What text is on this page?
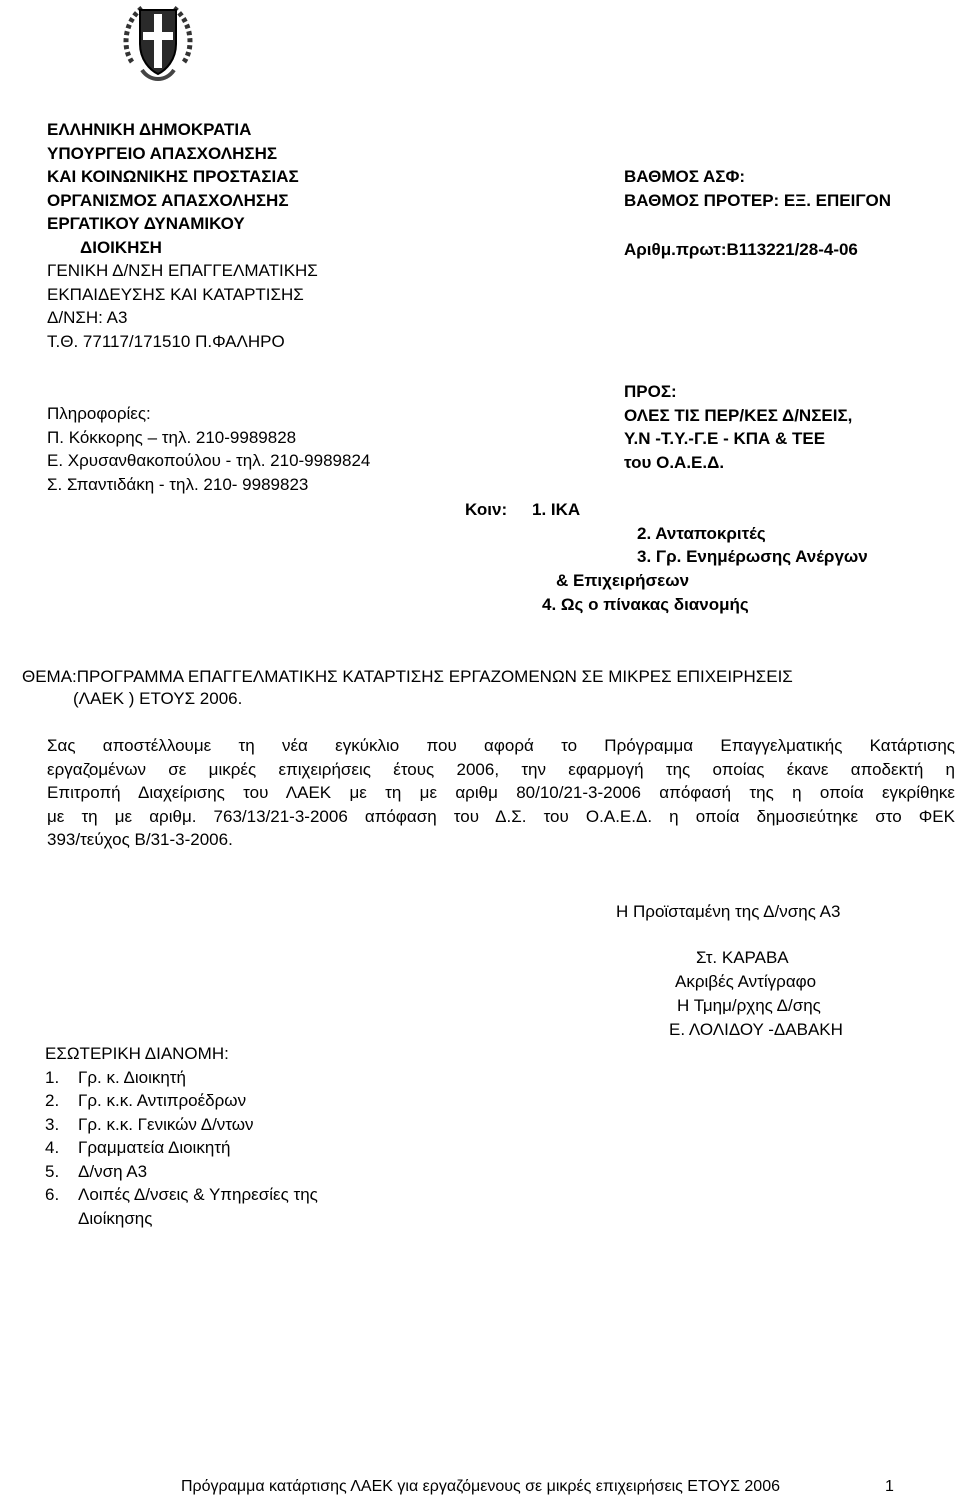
ΕΛΛΗΝΙΚΗ ΔΗΜΟΚΡΑΤΙΑ
ΥΠΟΥΡΓΕΙΟ ΑΠΑΣΧΟΛΗΣΗΣ
ΚΑΙ ΚΟΙΝΩΝΙΚΗΣ ΠΡΟΣΤΑΣΙΑΣ
ΟΡΓΑΝΙΣΜΟΣ ΑΠΑΣΧΟΛΗΣΗΣ
ΕΡΓΑΤΙΚΟΥ ΔΥΝΑΜΙΚΟΥ
ΔΙΟΙΚΗΣΗ
ΓΕΝΙΚΗ Δ/ΝΣΗ ΕΠΑΓΓΕΛΜΑΤΙΚΗΣ
ΕΚΠΑΙΔΕΥΣΗΣ ΚΑΙ ΚΑΤΑΡΤΙΣΗΣ
Δ/ΝΣΗ: Α3
Τ.Θ. 77117/171510 Π.ΦΑΛΗΡΟ
ΒΑΘΜΟΣ ΑΣΦ:
ΒΑΘΜΟΣ ΠΡΟΤΕΡ: ΕΞ. ΕΠΕΙΓΟΝ
Αριθμ.πρωτ:Β113221/28-4-06
Πληροφορίες:
Π. Κόκκορης – τηλ. 210-9989828
Ε. Χρυσανθακοπούλου - τηλ. 210-9989824
Σ. Σπαντιδάκη - τηλ. 210- 9989823
ΠΡΟΣ:
ΟΛΕΣ ΤΙΣ ΠΕΡ/ΚΕΣ Δ/ΝΣΕΙΣ,
Υ.Ν -Τ.Υ.-Γ.Ε - ΚΠΑ & ΤΕΕ
του Ο.Α.Ε.Δ.
Κοιν: 1. ΙΚΑ
2. Ανταποκριτές
3. Γρ. Ενημέρωσης Ανέργων
& Επιχειρήσεων
4. Ως ο πίνακας διανομής
ΘΕΜΑ:ΠΡΟΓΡΑΜΜΑ ΕΠΑΓΓΕΛΜΑΤΙΚΗΣ ΚΑΤΑΡΤΙΣΗΣ ΕΡΓΑΖΟΜΕΝΩΝ ΣΕ ΜΙΚΡΕΣ ΕΠΙΧΕΙΡΗΣΕΙΣ
(ΛΑΕΚ ) ΕΤΟΥΣ 2006.
Σας αποστέλλουμε τη νέα εγκύκλιο που αφορά το Πρόγραμμα Επαγγελματικής Κατάρτισης
εργαζομένων σε μικρές επιχειρήσεις έτους 2006, την εφαρμογή της οποίας έκανε αποδεκτή η
Επιτροπή Διαχείρισης του ΛΑΕΚ με τη με αριθμ 80/10/21-3-2006 απόφασή της η οποία εγκρίθηκε
με τη με αριθμ. 763/13/21-3-2006 απόφαση του Δ.Σ. του Ο.Α.Ε.Δ. η οποία δημοσιεύτηκε στο ΦΕΚ
393/τεύχος Β/31-3-2006.
Η Προϊσταμένη της Δ/νσης Α3
Στ. ΚΑΡΑΒΑ
Ακριβές Αντίγραφο
Η Τμημ/ρχης Δ/σης
Ε. ΛΟΛΙΔΟΥ -ΔΑΒΑΚΗ
ΕΣΩΤΕΡΙΚΗ ΔΙΑΝΟΜΗ:
1.	Γρ. κ. Διοικητή
2.	Γρ. κ.κ. Αντιπροέδρων
3.	Γρ. κ.κ. Γενικών Δ/ντων
4.	Γραμματεία Διοικητή
5.	Δ/νση Α3
6.	Λοιπές Δ/νσεις & Υπηρεσίες της
Διοίκησης
Πρόγραμμα κατάρτισης ΛΑΕΚ για εργαζόμενους σε μικρές επιχειρήσεις ΕΤΟΥΣ 2006	1
